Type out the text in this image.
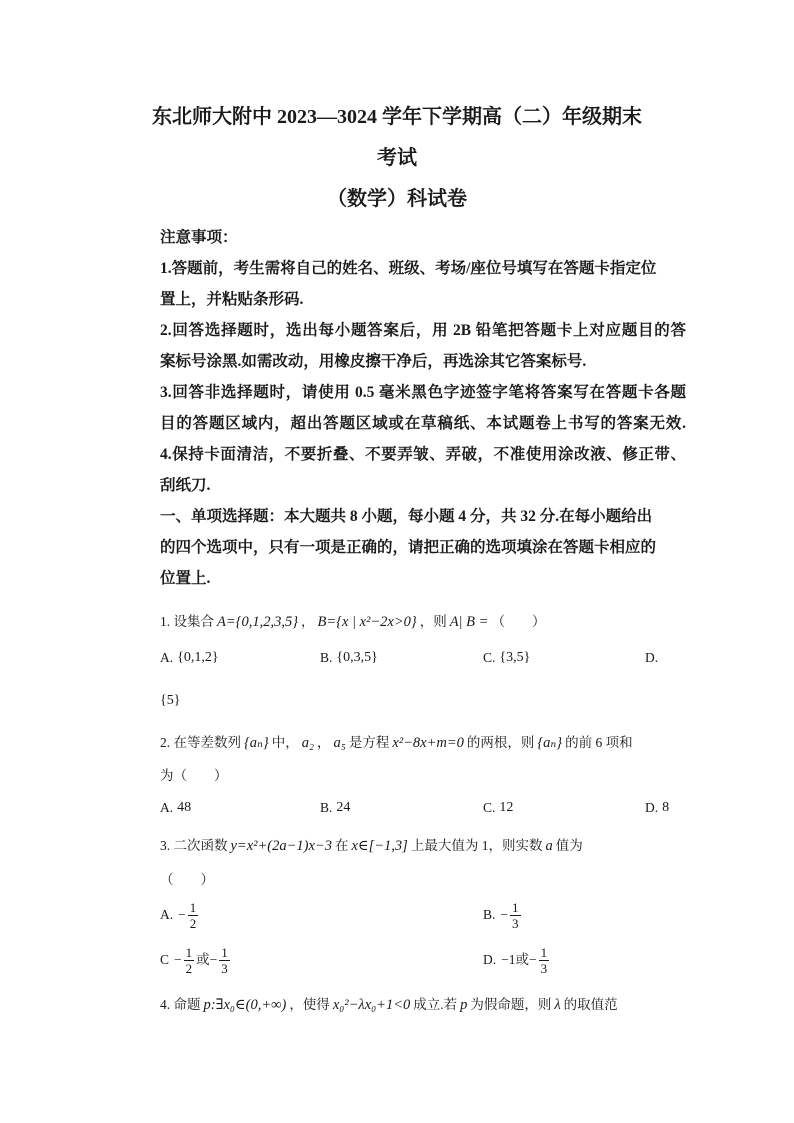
东北师大附中 2023—3024 学年下学期高（二）年级期末
考试
（数学）科试卷
注意事项：
1.答题前，考生需将自己的姓名、班级、考场/座位号填写在答题卡指定位
置上，并粘贴条形码.
2.回答选择题时，选出每小题答案后，用 2B 铅笔把答题卡上对应题目的答
案标号涂黑.如需改动，用橡皮擦干净后，再选涂其它答案标号.
3.回答非选择题时，请使用 0.5 毫米黑色字迹签字笔将答案写在答题卡各题
目的答题区域内，超出答题区域或在草稿纸、本试题卷上书写的答案无效.
4.保持卡面清洁，不要折叠、不要弄皱、弄破，不准使用涂改液、修正带、
刮纸刀.
一、单项选择题：本大题共 8 小题，每小题 4 分，共 32 分.在每小题给出
的四个选项中，只有一项是正确的，请把正确的选项填涂在答题卡相应的
位置上.
1. 设集合 A={0,1,2,3,5} ， B={x | x²−2x>0} ，则 A| B = （　　）
A. {0,1,2}	B. {0,3,5}	C. {3,5}	D.
{5}
2. 在等差数列 {aₙ} 中， a₂ ， a₅ 是方程 x²−8x+m=0 的两根，则 {aₙ} 的前 6 项和
为（　　）
A. 48	B. 24	C. 12	D. 8
3. 二次函数 y=x²+(2a−1)x−3 在 x∈[−1,3] 上最大值为 1，则实数 a 值为
（　　）
A. − $\frac{1}{2}$	B. − $\frac{1}{3}$
$C - \frac{1}{2}$ 或 − $\frac{1}{3}$	D. −1或 − $\frac{1}{3}$
4. 命题 p:∃x₀∈(0,+∞) ，使得 x₀²−λx₀+1<0 成立.若 p 为假命题，则 λ 的取值范
